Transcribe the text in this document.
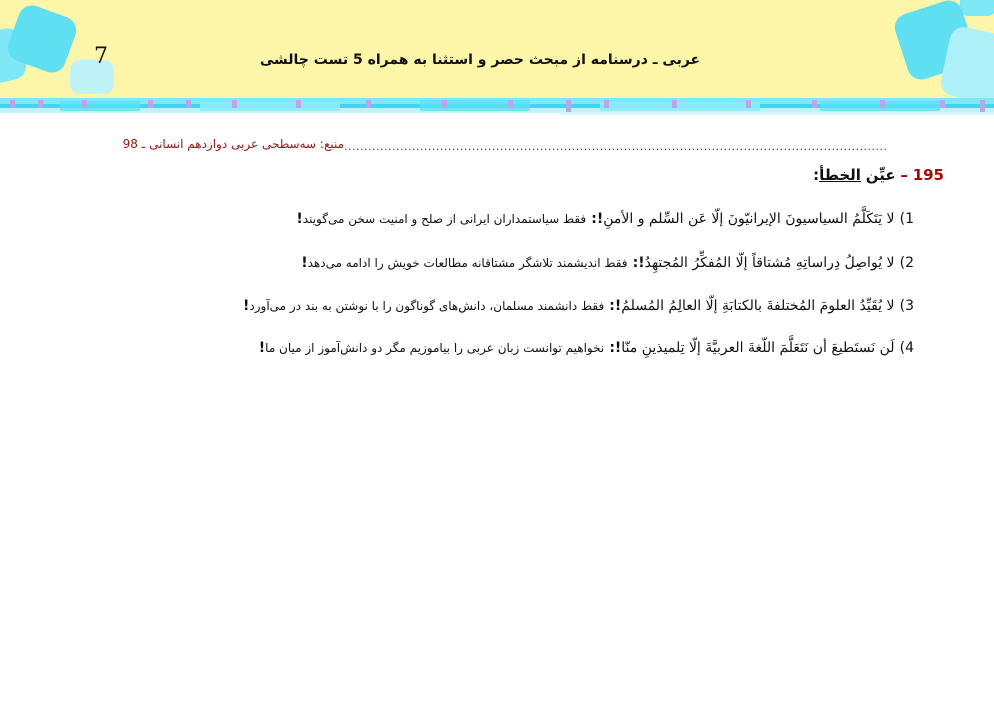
7	عربی ـ درسنامه از مبحث حصر و استثنا به همراه 5 تست چالشی
........................................................................................................................................
منبع: سه‌سطحی عربی دوازدهم انسانی ـ 98
195 – عیِّن الخطأ:
1) لا يَتَكَلَّمُ السياسيونَ الإيرانيّونَ إلّا عَن السِّلم و الأمنِ!: فقط سیاستمداران ایرانی از صلح و امنیت سخن می‌گویند!
2) لا يُواصِلُ دِراساتِهِ مُشتاقاً إلّا المُفكِّرُ المُجتهِدُ!: فقط اندیشمند تلاشگر مشتاقانه مطالعات خویش را ادامه می‌دهد!
3) لا يُقَيِّدُ العلومَ المُختلفةَ بالكتابَةِ إلّا العالِمُ المُسلمُ!: فقط دانشمند مسلمان، دانش‌های گوناگون را با نوشتن به بند در می‌آورد!
4) لَن نَستَطيعَ أن نَتَعَلَّمَ اللّغةَ العربيَّةَ إلّا تِلميذينِ منّا!: نخواهیم توانست زبان عربی را بیاموزیم مگر دو دانش‌آموز از میان ما!
